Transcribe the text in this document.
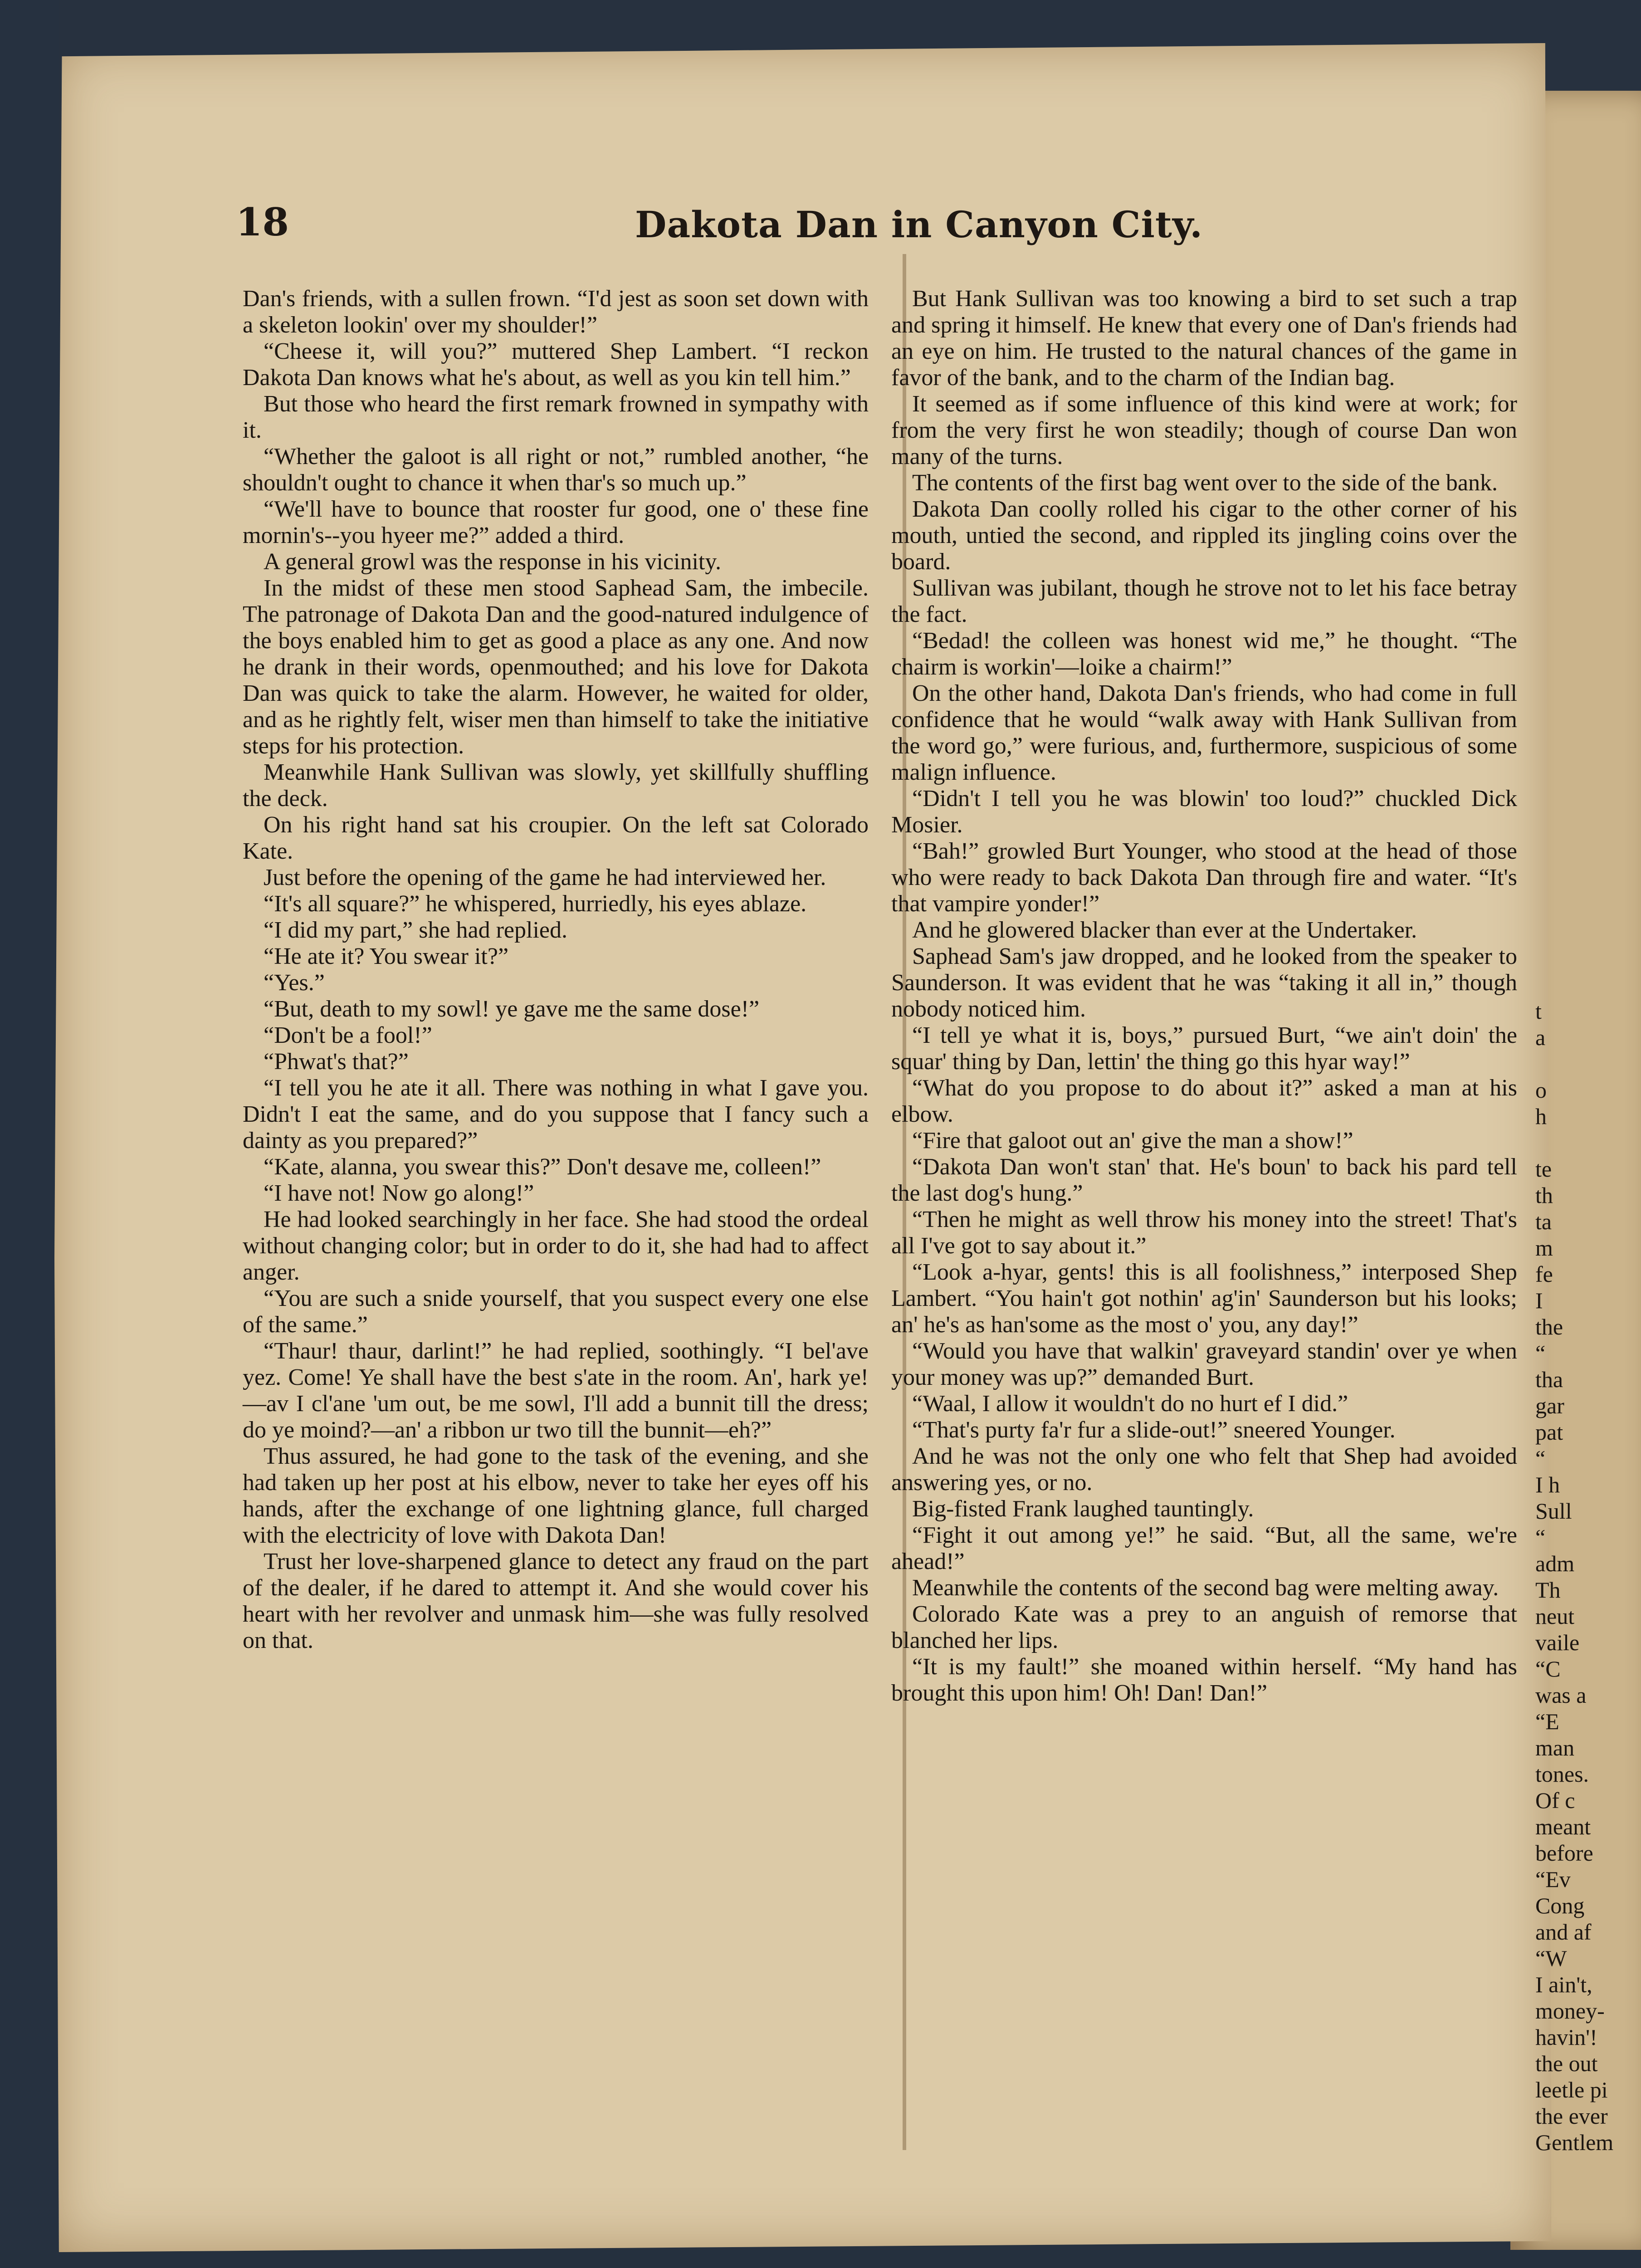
18	Dakota Dan in Canyon City.

Dan's friends, with a sullen frown. “I'd jest as soon set down with a skeleton lookin' over my shoulder!”

“Cheese it, will you?” muttered Shep Lambert. “I reckon Dakota Dan knows what he's about, as well as you kin tell him.”

But those who heard the first remark frowned in sympathy with it.

“Whether the galoot is all right or not,” rumbled another, “he shouldn't ought to chance it when thar's so much up.”

“We'll have to bounce that rooster fur good, one o' these fine mornin's--you hyeer me?” added a third.

A general growl was the response in his vicinity.

In the midst of these men stood Saphead Sam, the imbecile. The patronage of Dakota Dan and the good-natured indulgence of the boys enabled him to get as good a place as any one. And now he drank in their words, openmouthed; and his love for Dakota Dan was quick to take the alarm. However, he waited for older, and as he rightly felt, wiser men than himself to take the initiative steps for his protection.

Meanwhile Hank Sullivan was slowly, yet skillfully shuffling the deck.

On his right hand sat his croupier. On the left sat Colorado Kate.

Just before the opening of the game he had interviewed her.

“It's all square?” he whispered, hurriedly, his eyes ablaze.

“I did my part,” she had replied.

“He ate it? You swear it?”

“Yes.”

“But, death to my sowl! ye gave me the same dose!”

“Don't be a fool!”

“Phwat's that?”

“I tell you he ate it all. There was nothing in what I gave you. Didn't I eat the same, and do you suppose that I fancy such a dainty as you prepared?”

“Kate, alanna, you swear this?” Don't desave me, colleen!”

“I have not! Now go along!”

He had looked searchingly in her face. She had stood the ordeal without changing color; but in order to do it, she had had to affect anger.

“You are such a snide yourself, that you suspect every one else of the same.”

“Thaur! thaur, darlint!” he had replied, soothingly. “I bel'ave yez. Come! Ye shall have the best s'ate in the room. An', hark ye! —av I cl'ane 'um out, be me sowl, I'll add a bunnit till the dress; do ye moind?—an' a ribbon ur two till the bunnit—eh?”

Thus assured, he had gone to the task of the evening, and she had taken up her post at his elbow, never to take her eyes off his hands, after the exchange of one lightning glance, full charged with the electricity of love with Dakota Dan!

Trust her love-sharpened glance to detect any fraud on the part of the dealer, if he dared to attempt it. And she would cover his heart with her revolver and unmask him—she was fully resolved on that.

But Hank Sullivan was too knowing a bird to set such a trap and spring it himself. He knew that every one of Dan's friends had an eye on him. He trusted to the natural chances of the game in favor of the bank, and to the charm of the Indian bag.

It seemed as if some influence of this kind were at work; for from the very first he won steadily; though of course Dan won many of the turns.

The contents of the first bag went over to the side of the bank.

Dakota Dan coolly rolled his cigar to the other corner of his mouth, untied the second, and rippled its jingling coins over the board.

Sullivan was jubilant, though he strove not to let his face betray the fact.

“Bedad! the colleen was honest wid me,” he thought. “The chairm is workin'—loike a chairm!”

On the other hand, Dakota Dan's friends, who had come in full confidence that he would “walk away with Hank Sullivan from the word go,” were furious, and, furthermore, suspicious of some malign influence.

“Didn't I tell you he was blowin' too loud?” chuckled Dick Mosier.

“Bah!” growled Burt Younger, who stood at the head of those who were ready to back Dakota Dan through fire and water. “It's that vampire yonder!”

And he glowered blacker than ever at the Undertaker.

Saphead Sam's jaw dropped, and he looked from the speaker to Saunderson. It was evident that he was “taking it all in,” though nobody noticed him.

“I tell ye what it is, boys,” pursued Burt, “we ain't doin' the squar' thing by Dan, lettin' the thing go this hyar way!”

“What do you propose to do about it?” asked a man at his elbow.

“Fire that galoot out an' give the man a show!”

“Dakota Dan won't stan' that. He's boun' to back his pard tell the last dog's hung.”

“Then he might as well throw his money into the street! That's all I've got to say about it.”

“Look a-hyar, gents! this is all foolishness,” interposed Shep Lambert. “You hain't got nothin' ag'in' Saunderson but his looks; an' he's as han'some as the most o' you, any day!”

“Would you have that walkin' graveyard standin' over ye when your money was up?” demanded Burt.

“Waal, I allow it wouldn't do no hurt ef I did.”

“That's purty fa'r fur a slide-out!” sneered Younger.

And he was not the only one who felt that Shep had avoided answering yes, or no.

Big-fisted Frank laughed tauntingly.

“Fight it out among ye!” he said. “But, all the same, we're ahead!”

Meanwhile the contents of the second bag were melting away.

Colorado Kate was a prey to an anguish of remorse that blanched her lips.

“It is my fault!” she moaned within herself. “My hand has brought this upon him! Oh! Dan! Dan!”

t
a
o
h
te
th
ta
m
fe
I
the
“
tha
gar
pat
“
I h
Sull
“
adm
Th
neut
vaile
“C
was a
“E
man
tones.
Of c
meant
before
“Ev
Cong
and af
“W
I ain't,
money-
havin'!
the out
leetle pi
the ever
Gentlem
